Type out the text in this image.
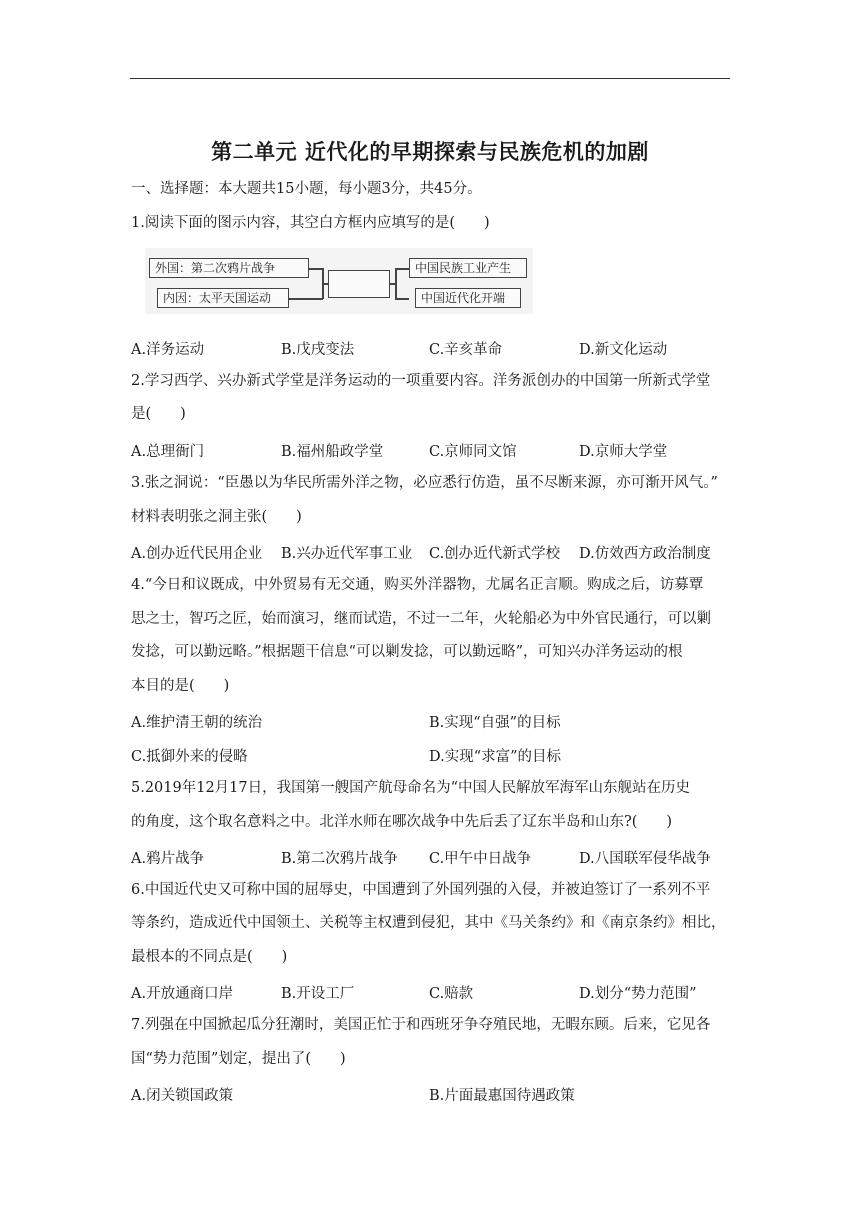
第二单元 近代化的早期探索与民族危机的加剧
一、选择题：本大题共15小题，每小题3分，共45分。
1.阅读下面的图示内容，其空白方框内应填写的是(　　)
外国：第二次鸦片战争
内因：太平天国运动
中国民族工业产生
中国近代化开端
A.洋务运动	B.戊戌变法	C.辛亥革命	D.新文化运动
2.学习西学、兴办新式学堂是洋务运动的一项重要内容。洋务派创办的中国第一所新式学堂
是(　　)
A.总理衙门	B.福州船政学堂	C.京师同文馆	D.京师大学堂
3.张之洞说：“臣愚以为华民所需外洋之物，必应悉行仿造，虽不尽断来源，亦可渐开风气。”
材料表明张之洞主张(　　)
A.创办近代民用企业 B.兴办近代军事工业 C.创办近代新式学校 D.仿效西方政治制度
4.“今日和议既成，中外贸易有无交通，购买外洋器物，尤属名正言顺。购成之后，访募覃
思之士，智巧之匠，始而演习，继而试造，不过一二年，火轮船必为中外官民通行，可以剿
发捻，可以勤远略。”根据题干信息“可以剿发捻，可以勤远略”，可知兴办洋务运动的根
本目的是(　　)
A.维护清王朝的统治	B.实现“自强”的目标
C.抵御外来的侵略	D.实现“求富”的目标
5.2019年12月17日，我国第一艘国产航母命名为“中国人民解放军海军山东舰站在历史
的角度，这个取名意料之中。北洋水师在哪次战争中先后丢了辽东半岛和山东?(　　)
A.鸦片战争	B.第二次鸦片战争 C.甲午中日战争	D.八国联军侵华战争
6.中国近代史又可称中国的屈辱史，中国遭到了外国列强的入侵，并被迫签订了一系列不平
等条约，造成近代中国领土、关税等主权遭到侵犯，其中《马关条约》和《南京条约》相比，
最根本的不同点是(　　)
A.开放通商口岸	B.开设工厂	C.赔款	D.划分“势力范围”
7.列强在中国掀起瓜分狂潮时，美国正忙于和西班牙争夺殖民地，无暇东顾。后来，它见各
国“势力范围”划定，提出了(　　)
A.闭关锁国政策	B.片面最惠国待遇政策
